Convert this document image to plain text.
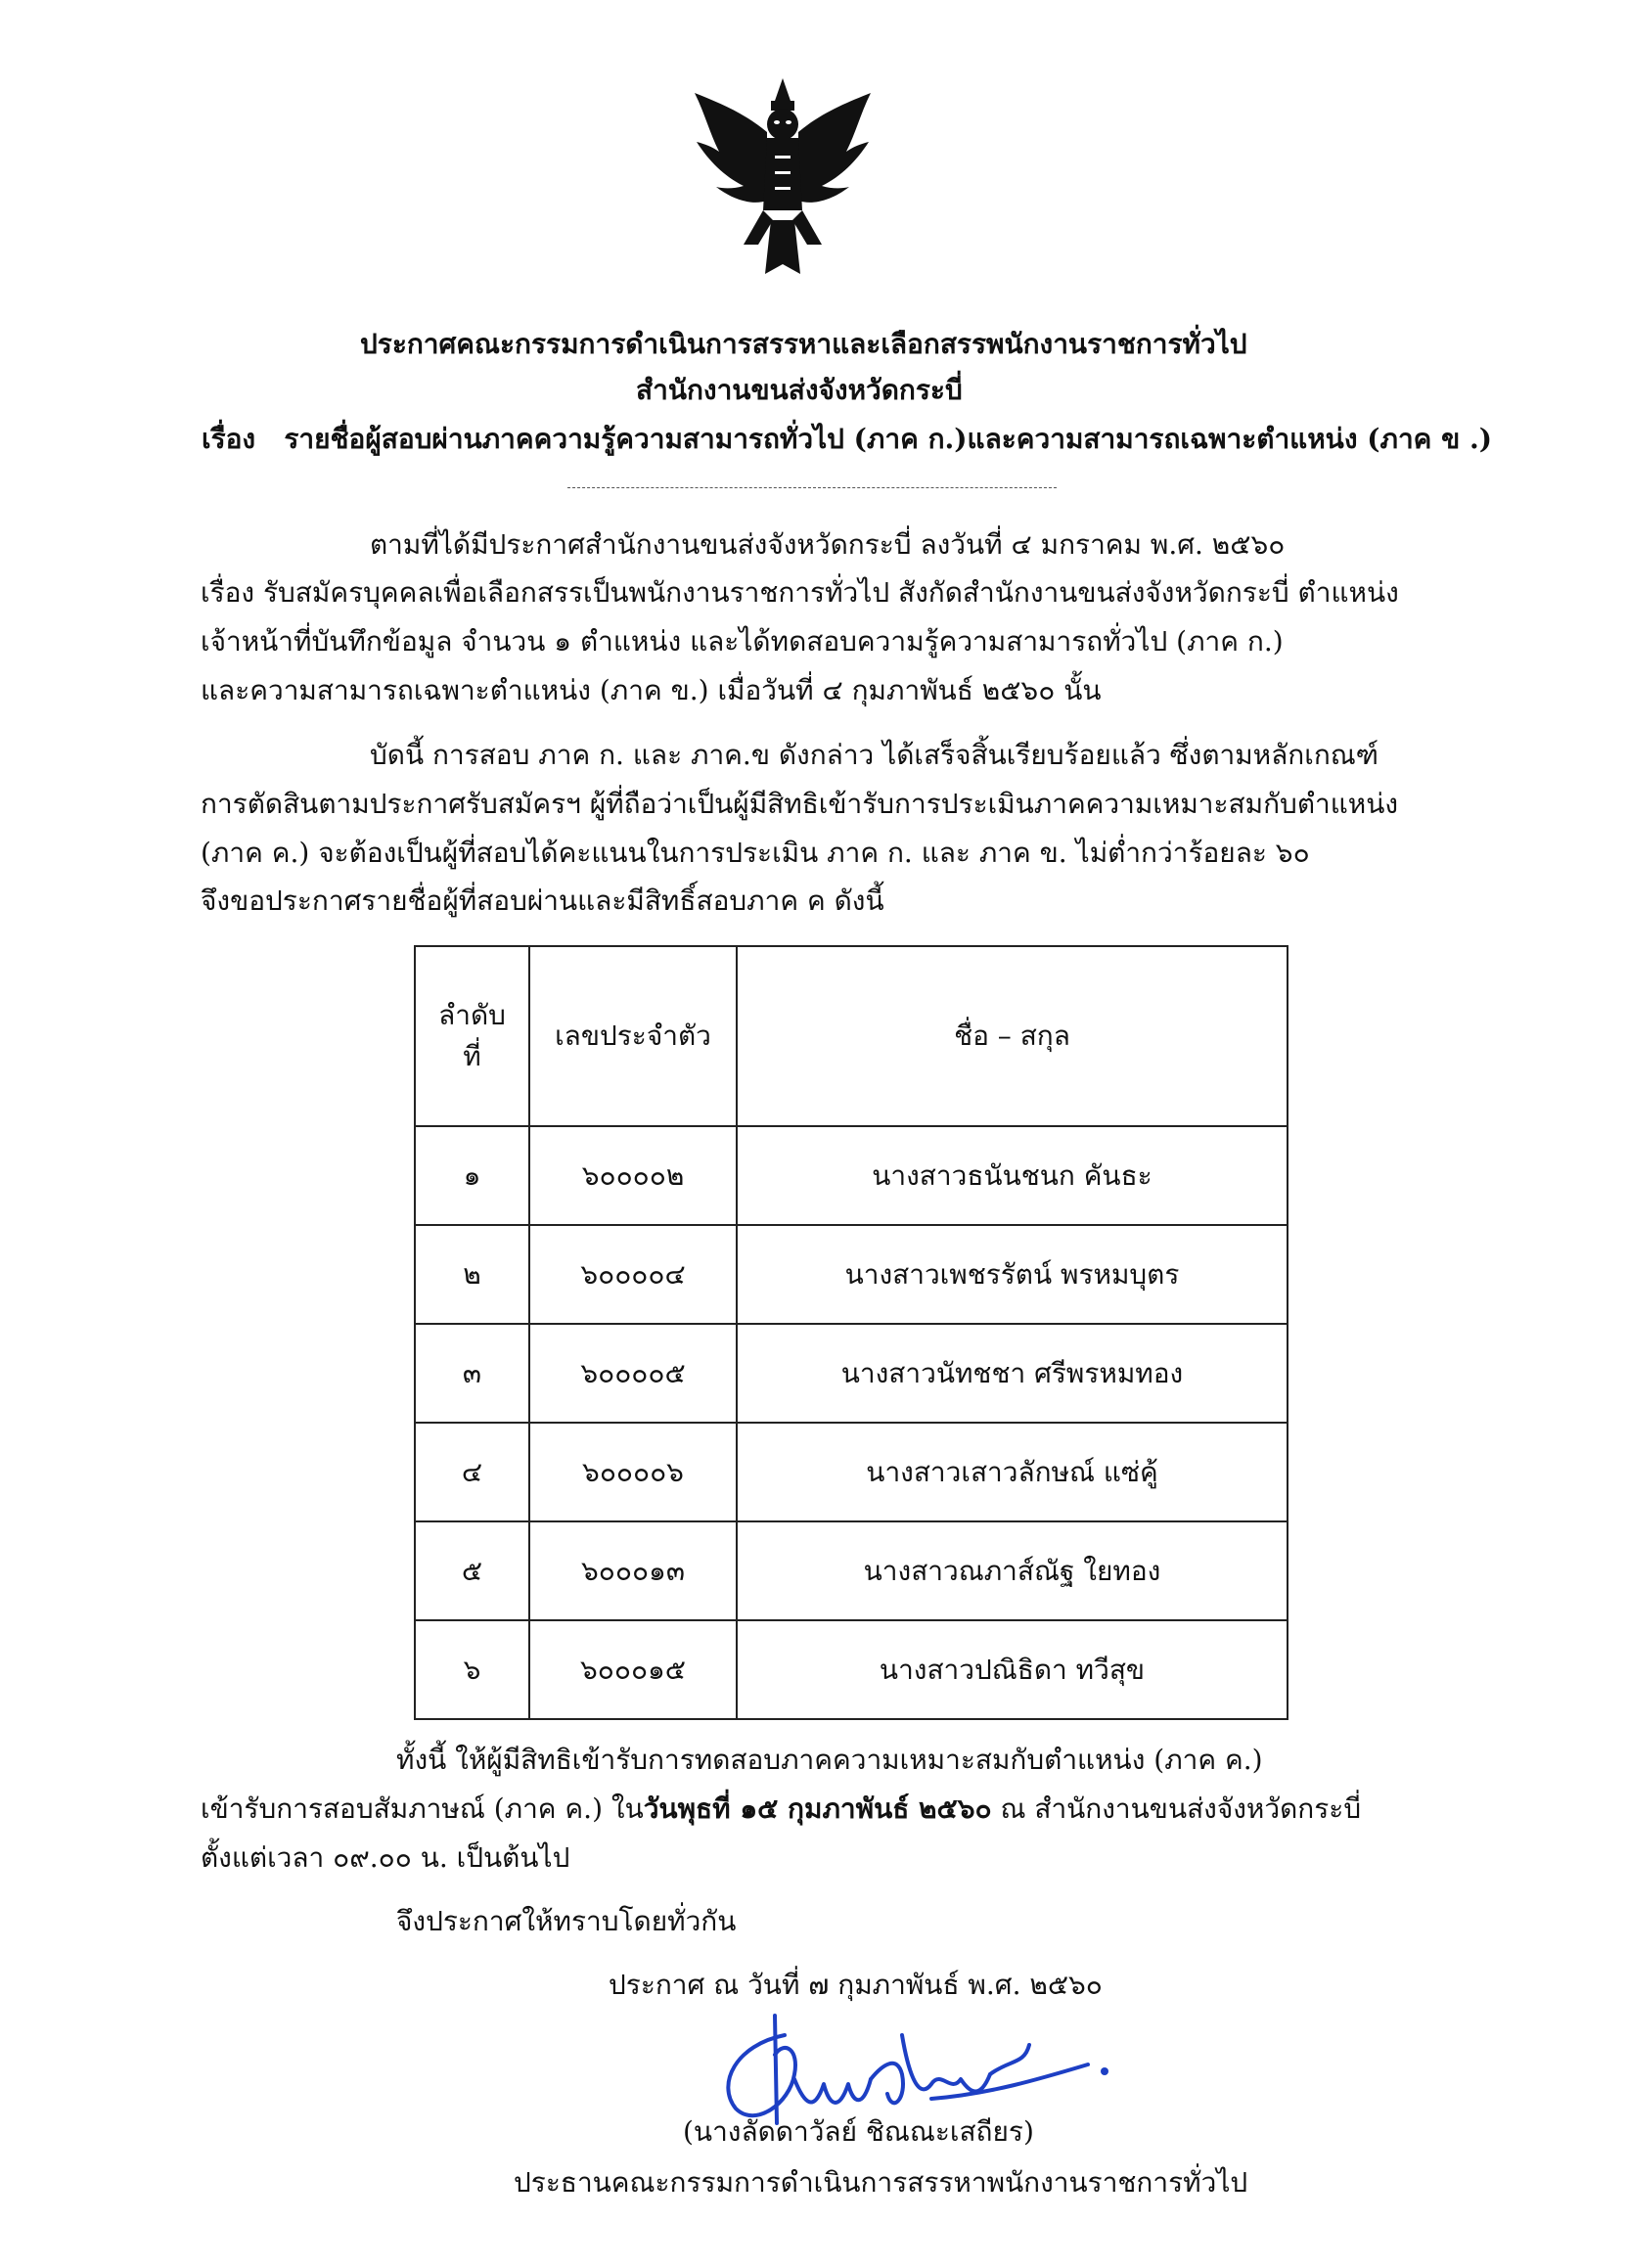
ประกาศคณะกรรมการดำเนินการสรรหาและเลือกสรรพนักงานราชการทั่วไป
สำนักงานขนส่งจังหวัดกระบี่
เรื่อง รายชื่อผู้สอบผ่านภาคความรู้ความสามารถทั่วไป (ภาค ก.)และความสามารถเฉพาะตำแหน่ง (ภาค ข .)
ตามที่ได้มีประกาศสำนักงานขนส่งจังหวัดกระบี่ ลงวันที่ ๔ มกราคม พ.ศ. ๒๕๖๐
เรื่อง รับสมัครบุคคลเพื่อเลือกสรรเป็นพนักงานราชการทั่วไป สังกัดสำนักงานขนส่งจังหวัดกระบี่ ตำแหน่ง
เจ้าหน้าที่บันทึกข้อมูล จำนวน ๑ ตำแหน่ง และได้ทดสอบความรู้ความสามารถทั่วไป (ภาค ก.)
และความสามารถเฉพาะตำแหน่ง (ภาค ข.) เมื่อวันที่ ๔ กุมภาพันธ์ ๒๕๖๐ นั้น
บัดนี้ การสอบ ภาค ก. และ ภาค.ข ดังกล่าว ได้เสร็จสิ้นเรียบร้อยแล้ว ซึ่งตามหลักเกณฑ์
การตัดสินตามประกาศรับสมัครฯ ผู้ที่ถือว่าเป็นผู้มีสิทธิเข้ารับการประเมินภาคความเหมาะสมกับตำแหน่ง
(ภาค ค.) จะต้องเป็นผู้ที่สอบได้คะแนนในการประเมิน ภาค ก. และ ภาค ข. ไม่ต่ำกว่าร้อยละ ๖๐
จึงขอประกาศรายชื่อผู้ที่สอบผ่านและมีสิทธิ์สอบภาค ค ดังนี้
ลำดับ
ที่	เลขประจำตัว	ชื่อ – สกุล
๑	๖๐๐๐๐๒	นางสาวธนันชนก คันธะ
๒	๖๐๐๐๐๔	นางสาวเพชรรัตน์ พรหมบุตร
๓	๖๐๐๐๐๕	นางสาวนัทชชา ศรีพรหมทอง
๔	๖๐๐๐๐๖	นางสาวเสาวลักษณ์ แซ่คู้
๕	๖๐๐๐๑๓	นางสาวณภาส์ณัฐ ใยทอง
๖	๖๐๐๐๑๕	นางสาวปณิธิดา ทวีสุข
ทั้งนี้ ให้ผู้มีสิทธิเข้ารับการทดสอบภาคความเหมาะสมกับตำแหน่ง (ภาค ค.)
เข้ารับการสอบสัมภาษณ์ (ภาค ค.) ในวันพุธที่ ๑๕ กุมภาพันธ์ ๒๕๖๐ ณ สำนักงานขนส่งจังหวัดกระบี่
ตั้งแต่เวลา ๐๙.๐๐ น. เป็นต้นไป
จึงประกาศให้ทราบโดยทั่วกัน
ประกาศ ณ วันที่ ๗ กุมภาพันธ์ พ.ศ. ๒๕๖๐
(นางลัดดาวัลย์ ชิณณะเสถียร)
ประธานคณะกรรมการดำเนินการสรรหาพนักงานราชการทั่วไป
